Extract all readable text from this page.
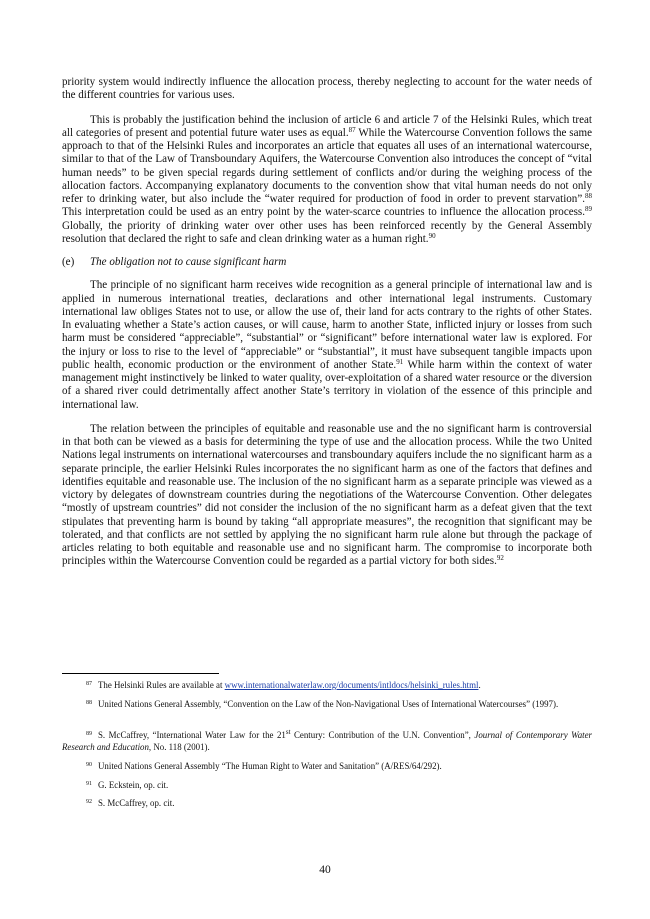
priority system would indirectly influence the allocation process, thereby neglecting to account for the water needs of the different countries for various uses.

This is probably the justification behind the inclusion of article 6 and article 7 of the Helsinki Rules, which treat all categories of present and potential future water uses as equal.$^{87}$ While the Watercourse Convention follows the same approach to that of the Helsinki Rules and incorporates an article that equates all uses of an international watercourse, similar to that of the Law of Transboundary Aquifers, the Watercourse Convention also introduces the concept of “vital human needs” to be given special regards during settlement of conflicts and/or during the weighing process of the allocation factors. Accompanying explanatory documents to the convention show that vital human needs do not only refer to drinking water, but also include the “water required for production of food in order to prevent starvation”.$^{88}$ This interpretation could be used as an entry point by the water-scarce countries to influence the allocation process.$^{89}$ Globally, the priority of drinking water over other uses has been reinforced recently by the General Assembly resolution that declared the right to safe and clean drinking water as a human right.$^{90}$

(e)	The obligation not to cause significant harm

The principle of no significant harm receives wide recognition as a general principle of international law and is applied in numerous international treaties, declarations and other international legal instruments. Customary international law obliges States not to use, or allow the use of, their land for acts contrary to the rights of other States. In evaluating whether a State’s action causes, or will cause, harm to another State, inflicted injury or losses from such harm must be considered “appreciable”, “substantial” or “significant” before international water law is explored. For the injury or loss to rise to the level of “appreciable” or “substantial”, it must have subsequent tangible impacts upon public health, economic production or the environment of another State.$^{91}$ While harm within the context of water management might instinctively be linked to water quality, over-exploitation of a shared water resource or the diversion of a shared river could detrimentally affect another State’s territory in violation of the essence of this principle and international law.

The relation between the principles of equitable and reasonable use and the no significant harm is controversial in that both can be viewed as a basis for determining the type of use and the allocation process. While the two United Nations legal instruments on international watercourses and transboundary aquifers include the no significant harm as a separate principle, the earlier Helsinki Rules incorporates the no significant harm as one of the factors that defines and identifies equitable and reasonable use. The inclusion of the no significant harm as a separate principle was viewed as a victory by delegates of downstream countries during the negotiations of the Watercourse Convention. Other delegates “mostly of upstream countries” did not consider the inclusion of the no significant harm as a defeat given that the text stipulates that preventing harm is bound by taking “all appropriate measures”, the recognition that significant may be tolerated, and that conflicts are not settled by applying the no significant harm rule alone but through the package of articles relating to both equitable and reasonable use and no significant harm. The compromise to incorporate both principles within the Watercourse Convention could be regarded as a partial victory for both sides.$^{92}$

$^{87}$ The Helsinki Rules are available at www.internationalwaterlaw.org/documents/intldocs/helsinki_rules.html.
$^{88}$ United Nations General Assembly, “Convention on the Law of the Non-Navigational Uses of International Watercourses” (1997).
$^{89}$ S. McCaffrey, “International Water Law for the 21st Century: Contribution of the U.N. Convention”, Journal of Contemporary Water Research and Education, No. 118 (2001).
$^{90}$ United Nations General Assembly “The Human Right to Water and Sanitation” (A/RES/64/292).
$^{91}$ G. Eckstein, op. cit.
$^{92}$ S. McCaffrey, op. cit.
40
